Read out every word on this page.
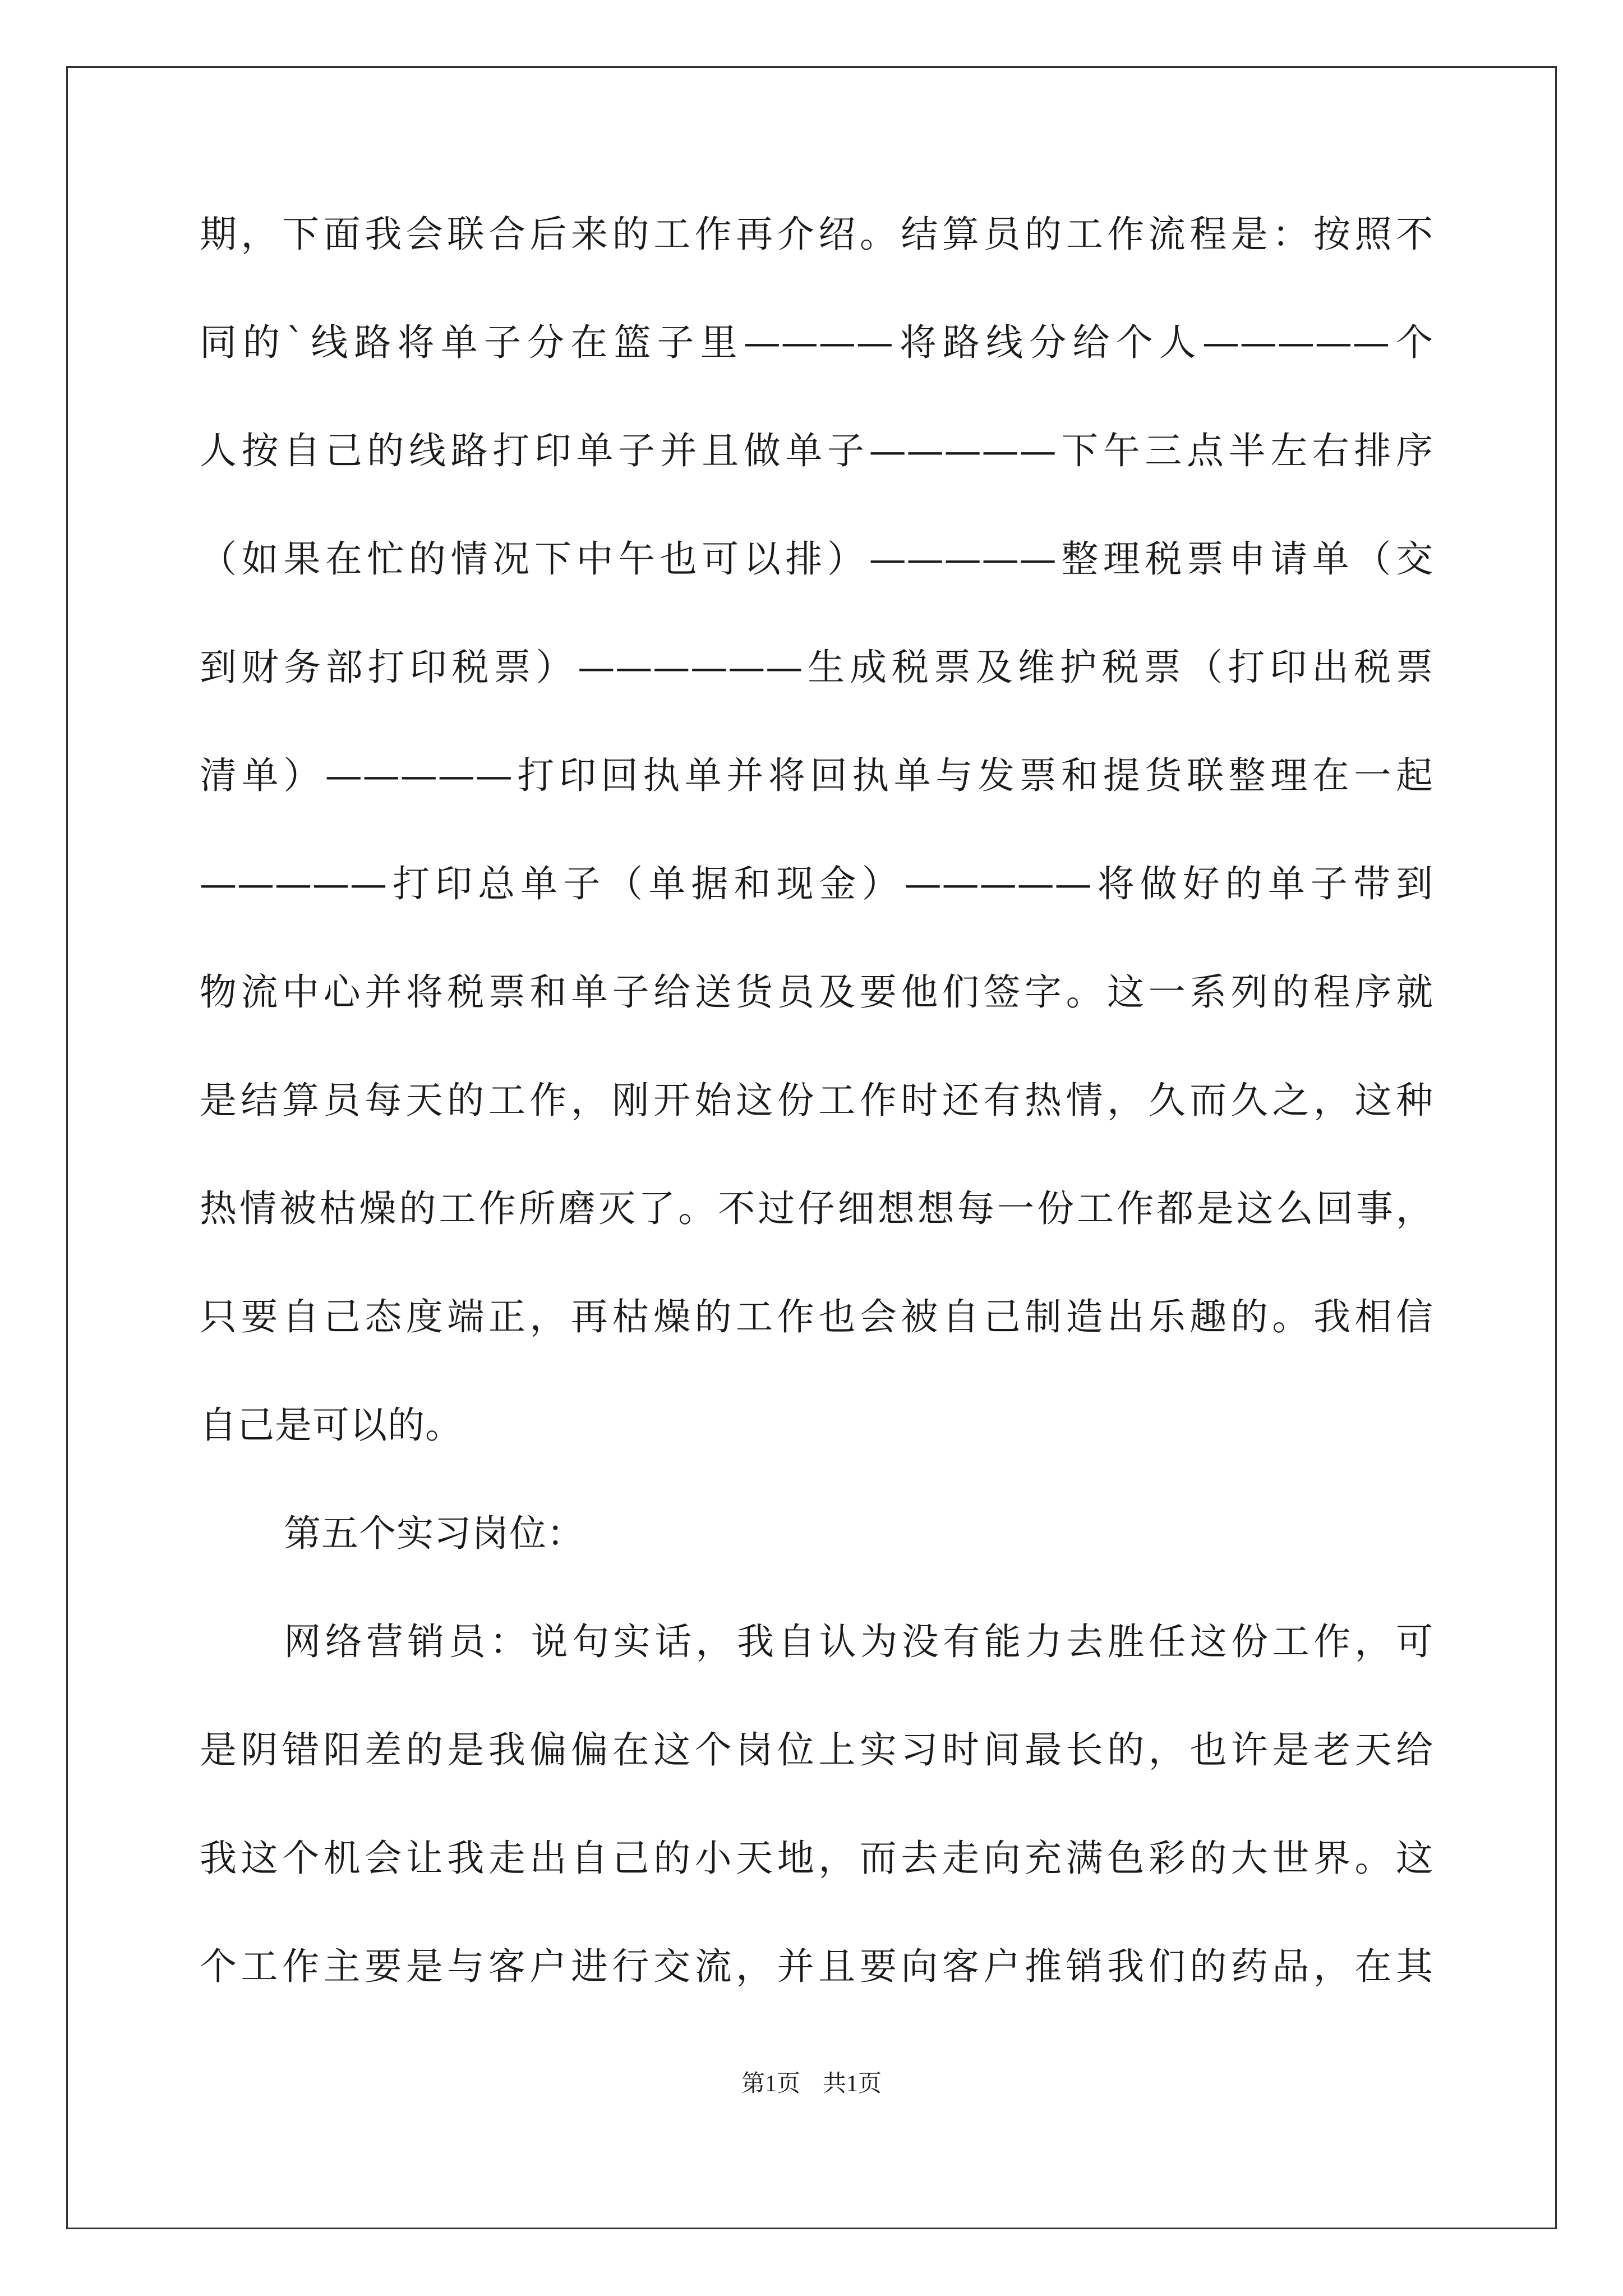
期，下面我会联合后来的工作再介绍。结算员的工作流程是：按照不
同的`线路将单子分在篮子里————将路线分给个人—————个
人按自己的线路打印单子并且做单子—————下午三点半左右排序
（如果在忙的情况下中午也可以排）—————整理税票申请单（交
到财务部打印税票）——————生成税票及维护税票（打印出税票
清单）—————打印回执单并将回执单与发票和提货联整理在一起
—————打印总单子（单据和现金）—————将做好的单子带到
物流中心并将税票和单子给送货员及要他们签字。这一系列的程序就
是结算员每天的工作，刚开始这份工作时还有热情，久而久之，这种
热情被枯燥的工作所磨灭了。不过仔细想想每一份工作都是这么回事，
只要自己态度端正，再枯燥的工作也会被自己制造出乐趣的。我相信
自己是可以的。
第五个实习岗位：
网络营销员：说句实话，我自认为没有能力去胜任这份工作，可
是阴错阳差的是我偏偏在这个岗位上实习时间最长的，也许是老天给
我这个机会让我走出自己的小天地，而去走向充满色彩的大世界。这
个工作主要是与客户进行交流，并且要向客户推销我们的药品，在其
第1页 共1页
